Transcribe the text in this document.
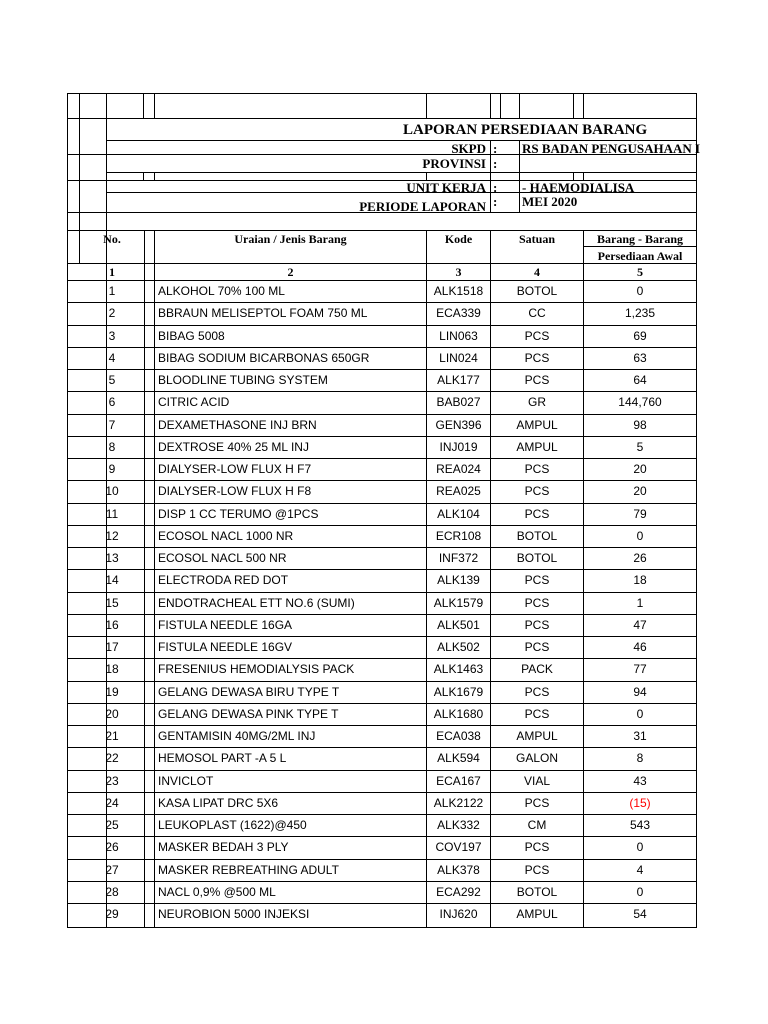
LAPORAN PERSEDIAAN BARANG
SKPD : RS BADAN PENGUSAHAAN I
PROVINSI :
UNIT KERJA : - HAEMODIALISA
PERIODE LAPORAN : MEI 2020
No.	Uraian / Jenis Barang	Kode	Satuan	Barang - Barang
Persediaan Awal
1	2	3	4	5
1	ALKOHOL 70% 100 ML	ALK1518	BOTOL	0
2	BBRAUN MELISEPTOL FOAM 750 ML	ECA339	CC	1,235
3	BIBAG 5008	LIN063	PCS	69
4	BIBAG SODIUM BICARBONAS 650GR	LIN024	PCS	63
5	BLOODLINE TUBING SYSTEM	ALK177	PCS	64
6	CITRIC ACID	BAB027	GR	144,760
7	DEXAMETHASONE INJ BRN	GEN396	AMPUL	98
8	DEXTROSE 40% 25 ML INJ	INJ019	AMPUL	5
9	DIALYSER-LOW FLUX H F7	REA024	PCS	20
10	DIALYSER-LOW FLUX H F8	REA025	PCS	20
11	DISP 1 CC TERUMO @1PCS	ALK104	PCS	79
12	ECOSOL NACL 1000 NR	ECR108	BOTOL	0
13	ECOSOL NACL 500 NR	INF372	BOTOL	26
14	ELECTRODA RED DOT	ALK139	PCS	18
15	ENDOTRACHEAL ETT NO.6 (SUMI)	ALK1579	PCS	1
16	FISTULA NEEDLE 16GA	ALK501	PCS	47
17	FISTULA NEEDLE 16GV	ALK502	PCS	46
18	FRESENIUS HEMODIALYSIS PACK	ALK1463	PACK	77
19	GELANG DEWASA BIRU TYPE T	ALK1679	PCS	94
20	GELANG DEWASA PINK TYPE T	ALK1680	PCS	0
21	GENTAMISIN 40MG/2ML INJ	ECA038	AMPUL	31
22	HEMOSOL PART -A 5 L	ALK594	GALON	8
23	INVICLOT	ECA167	VIAL	43
24	KASA LIPAT DRC 5X6	ALK2122	PCS	(15)
25	LEUKOPLAST (1622)@450	ALK332	CM	543
26	MASKER BEDAH 3 PLY	COV197	PCS	0
27	MASKER REBREATHING ADULT	ALK378	PCS	4
28	NACL 0,9% @500 ML	ECA292	BOTOL	0
29	NEUROBION 5000 INJEKSI	INJ620	AMPUL	54
